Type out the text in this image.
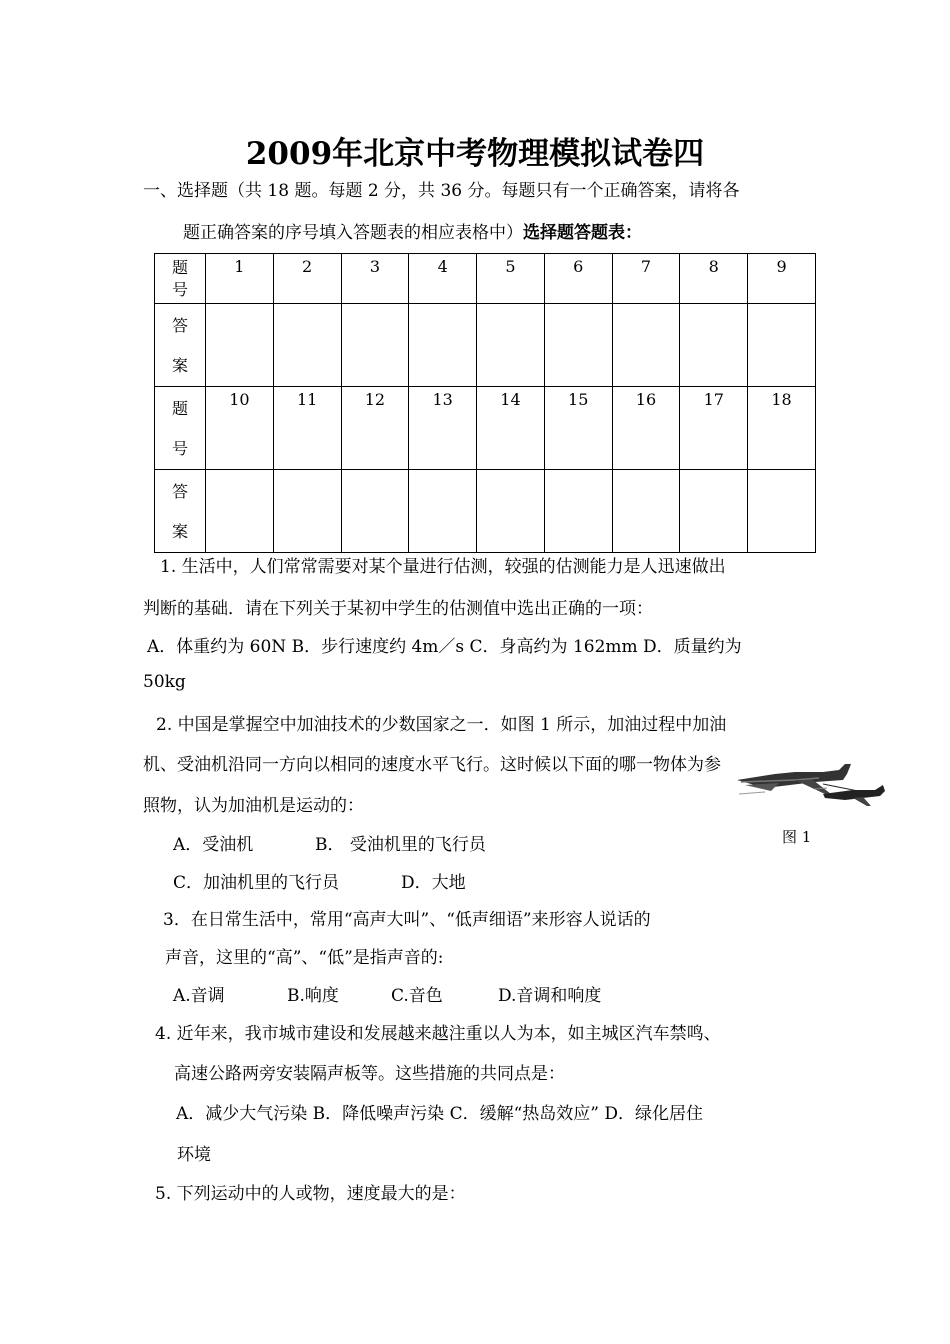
2009年北京中考物理模拟试卷四
一、选择题（共 18 题。每题 2 分，共 36 分。每题只有一个正确答案，请将各
题正确答案的序号填入答题表的相应表格中）选择题答题表：
题
号	1	2	3	4	5	6	7	8	9
答
案									
题
号	10	11	12	13	14	15	16	17	18
答
案									
1. 生活中，人们常常需要对某个量进行估测，较强的估测能力是人迅速做出
判断的基础．请在下列关于某初中学生的估测值中选出正确的一项：
A．体重约为 60N B．步行速度约 4m／s C．身高约为 162mm D．质量约为
50kg
2. 中国是掌握空中加油技术的少数国家之一．如图 1 所示，加油过程中加油
机、受油机沿同一方向以相同的速度水平飞行。这时候以下面的哪一物体为参
照物，认为加油机是运动的：
A．受油机	B． 受油机里的飞行员
C．加油机里的飞行员	D．大地
图 1
3．在日常生活中，常用“高声大叫”、“低声细语”来形容人说话的
声音，这里的“高”、“低”是指声音的:
A.音调	B.响度	C.音色	D.音调和响度
4. 近年来，我市城市建设和发展越来越注重以人为本，如主城区汽车禁鸣、
高速公路两旁安装隔声板等。这些措施的共同点是：
A．减少大气污染 B．降低噪声污染 C．缓解“热岛效应” D．绿化居住
环境
5. 下列运动中的人或物，速度最大的是：
